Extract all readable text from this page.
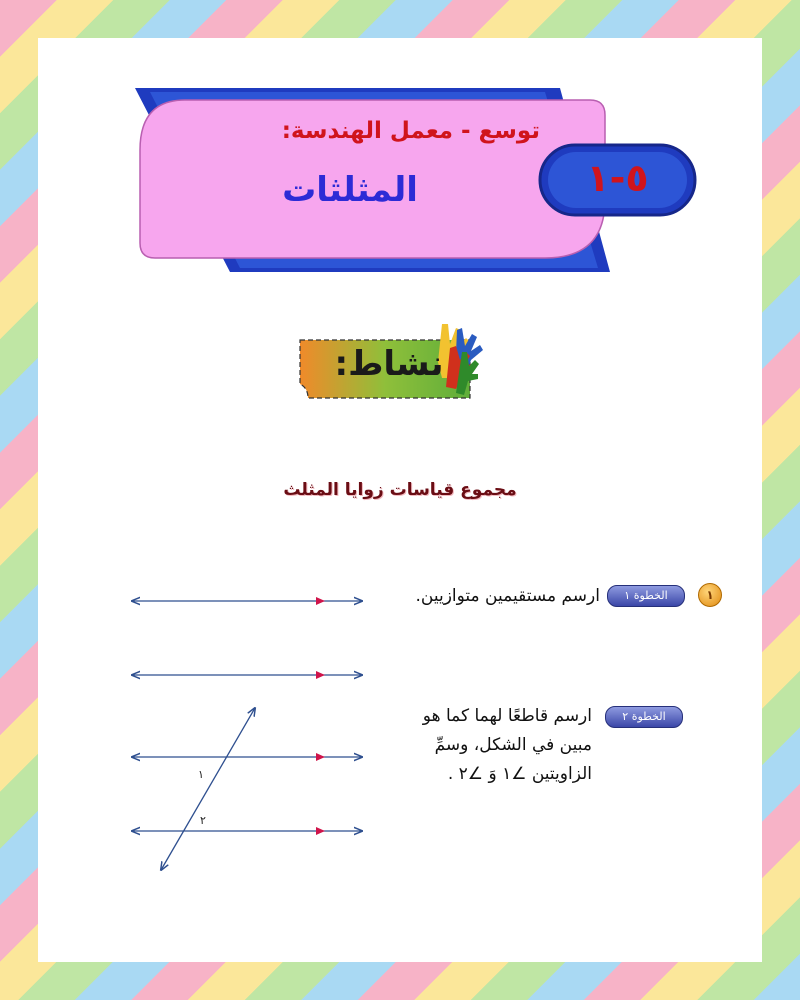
توسع - معمل الهندسة:
المثلثات	٥-١
نشاط:
مجموع قياسات زوايا المثلث
١
٢
١
الخطوة ١
ارسم مستقيمين متوازيين.
الخطوة ٢
ارسم قاطعًا لهما كما هو
مبين في الشكل، وسمِّ
الزاويتين ∠١ وَ ∠٢ .
